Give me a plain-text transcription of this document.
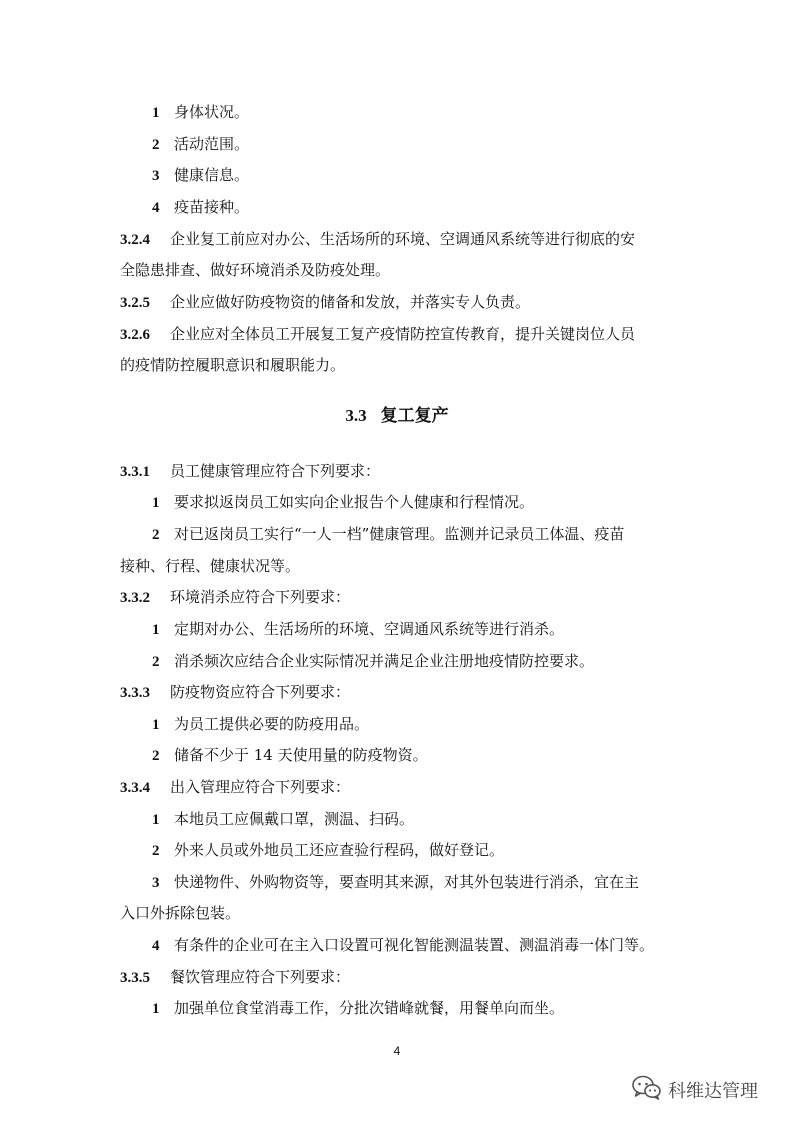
1 身体状况。
2 活动范围。
3 健康信息。
4 疫苗接种。
3.2.4 企业复工前应对办公、生活场所的环境、空调通风系统等进行彻底的安
全隐患排查、做好环境消杀及防疫处理。
3.2.5 企业应做好防疫物资的储备和发放，并落实专人负责。
3.2.6 企业应对全体员工开展复工复产疫情防控宣传教育，提升关键岗位人员
的疫情防控履职意识和履职能力。
3.3 复工复产
3.3.1 员工健康管理应符合下列要求：
1 要求拟返岗员工如实向企业报告个人健康和行程情况。
2 对已返岗员工实行“一人一档”健康管理。监测并记录员工体温、疫苗
接种、行程、健康状况等。
3.3.2 环境消杀应符合下列要求：
1 定期对办公、生活场所的环境、空调通风系统等进行消杀。
2 消杀频次应结合企业实际情况并满足企业注册地疫情防控要求。
3.3.3 防疫物资应符合下列要求：
1 为员工提供必要的防疫用品。
2 储备不少于 14 天使用量的防疫物资。
3.3.4 出入管理应符合下列要求：
1 本地员工应佩戴口罩，测温、扫码。
2 外来人员或外地员工还应查验行程码，做好登记。
3 快递物件、外购物资等，要查明其来源，对其外包装进行消杀，宜在主
入口外拆除包装。
4 有条件的企业可在主入口设置可视化智能测温装置、测温消毒一体门等。
3.3.5 餐饮管理应符合下列要求：
1 加强单位食堂消毒工作，分批次错峰就餐，用餐单向而坐。
4
科维达管理
